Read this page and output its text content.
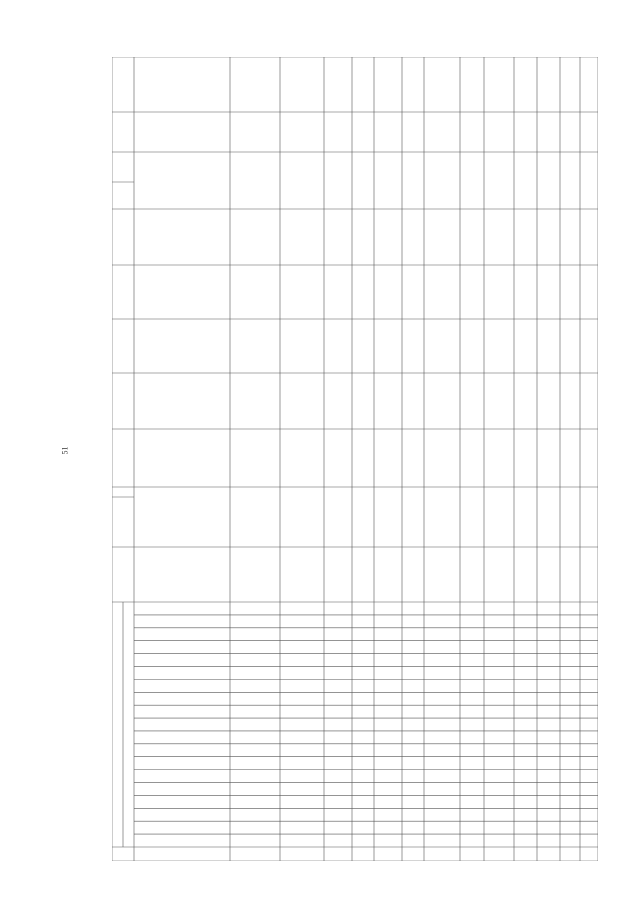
51
